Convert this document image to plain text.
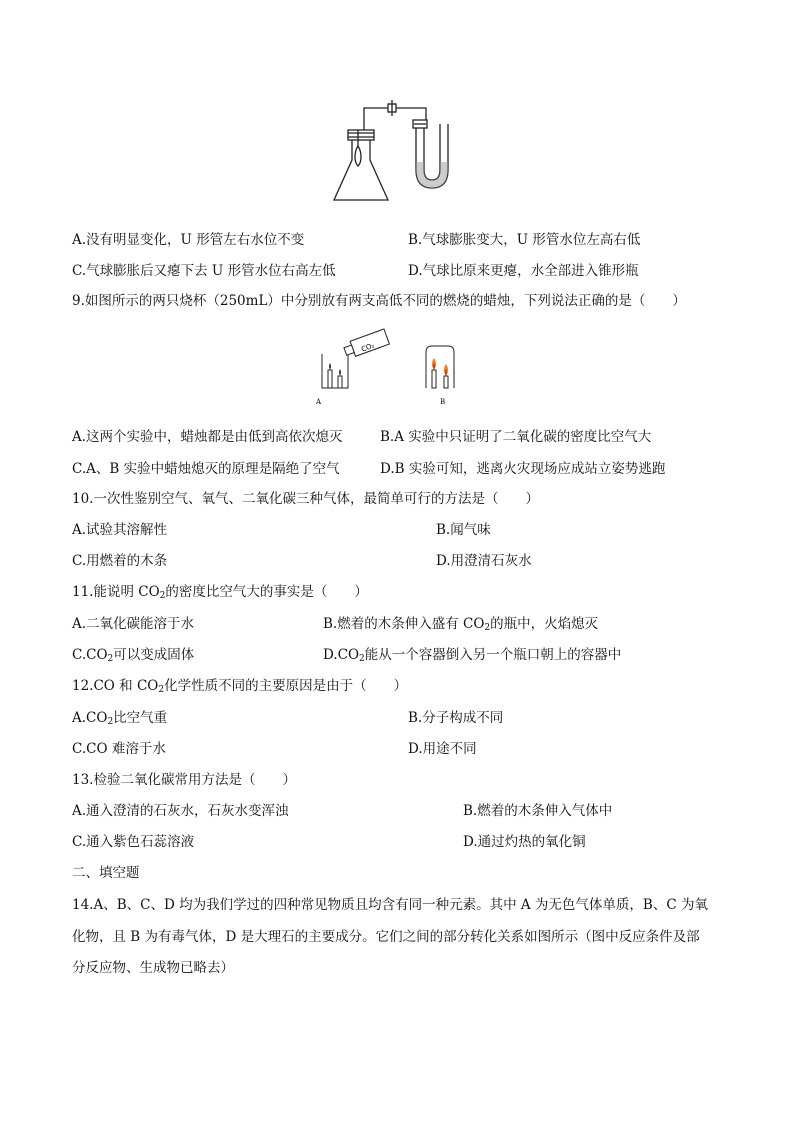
A.没有明显变化，U 形管左右水位不变	B.气球膨胀变大，U 形管水位左高右低
C.气球膨胀后又瘪下去 U 形管水位右高左低	D.气球比原来更瘪，水全部进入锥形瓶
9.如图所示的两只烧杯（250mL）中分别放有两支高低不同的燃烧的蜡烛，下列说法正确的是（　　）
CO₂
A	B
A.这两个实验中，蜡烛都是由低到高依次熄灭	B.A 实验中只证明了二氧化碳的密度比空气大
C.A、B 实验中蜡烛熄灭的原理是隔绝了空气	D.B 实验可知，逃离火灾现场应成站立姿势逃跑
10.一次性鉴别空气、氧气、二氧化碳三种气体，最简单可行的方法是（　　）
A.试验其溶解性	B.闻气味
C.用燃着的木条	D.用澄清石灰水
11.能说明 $CO_2$的密度比空气大的事实是（　　）
A.二氧化碳能溶于水	B.燃着的木条伸入盛有 $CO_2$的瓶中，火焰熄灭
$C.CO_2$可以变成固体	$D.CO_2$能从一个容器倒入另一个瓶口朝上的容器中
12.CO 和 $CO_2$化学性质不同的主要原因是由于（　　）
$A.CO_2$比空气重	B.分子构成不同
C.CO 难溶于水	D.用途不同
13.检验二氧化碳常用方法是（　　）
A.通入澄清的石灰水，石灰水变浑浊	B.燃着的木条伸入气体中
C.通入紫色石蕊溶液	D.通过灼热的氧化铜
二、填空题
14.A、B、C、D 均为我们学过的四种常见物质且均含有同一种元素。其中 A 为无色气体单质，B、C 为氧
化物，且 B 为有毒气体，D 是大理石的主要成分。它们之间的部分转化关系如图所示（图中反应条件及部
分反应物、生成物已略去）
